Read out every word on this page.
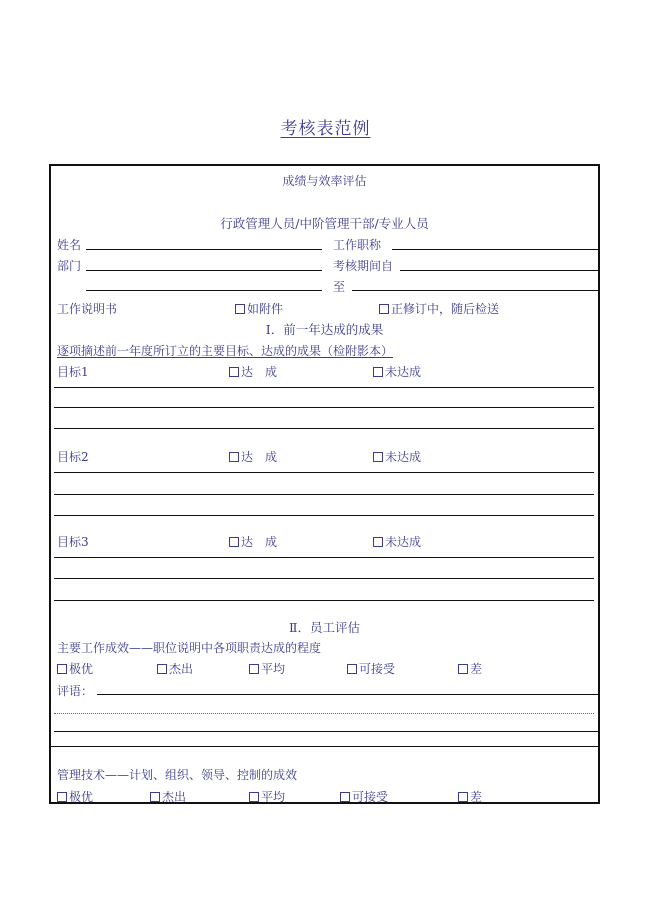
考核表范例
成绩与效率评估
行政管理人员/中阶管理干部/专业人员
姓名	工作职称
部门	考核期间自
至
工作说明书	如附件	正修订中，随后检送
Ⅰ．前一年达成的成果
逐项摘述前一年度所订立的主要目标、达成的成果（检附影本）
目标1	达　成	未达成
目标2	达　成	未达成
目标3	达　成	未达成
Ⅱ．员工评估
主要工作成效——职位说明中各项职责达成的程度
极优	杰出	平均	可接受	差
评语：
管理技术——计划、组织、领导、控制的成效
极优	杰出	平均	可接受	差
